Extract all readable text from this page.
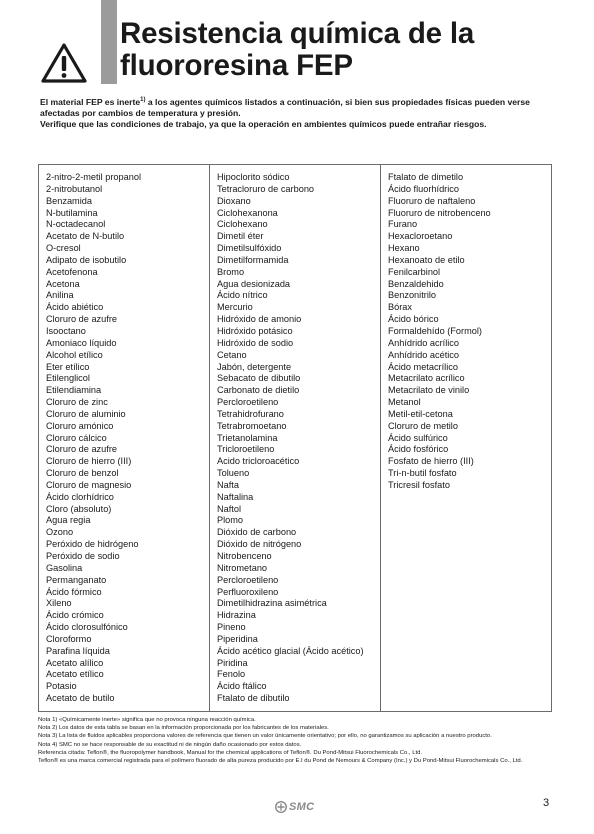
Resistencia química de la
fluororesina FEP

El material FEP es inerte$^{1)}$ a los agentes químicos listados a continuación, si bien sus propiedades físicas pueden verse afectadas por cambios de temperatura y presión.

Verifique que las condiciones de trabajo, ya que la operación en ambientes químicos puede entrañar riesgos.

2-nitro-2-metil propanol
2-nitrobutanol
Benzamida
N-butilamina
N-octadecanol
Acetato de N-butilo
O-cresol
Adipato de isobutilo
Acetofenona
Acetona
Anilina
Ácido abiético
Cloruro de azufre
Isooctano
Amoniaco líquido
Alcohol etílico
Eter etílico
Etilenglicol
Etilendiamina
Cloruro de zinc
Cloruro de aluminio
Cloruro amónico
Cloruro cálcico
Cloruro de azufre
Cloruro de hierro (III)
Cloruro de benzol
Cloruro de magnesio
Ácido clorhídrico
Cloro (absoluto)
Agua regia
Ozono
Peróxido de hidrógeno
Peróxido de sodio
Gasolina
Permanganato
Ácido fórmico
Xileno
Ácido crómico
Ácido clorosulfónico
Cloroformo
Parafina líquida
Acetato alílico
Acetato etílico
Potasio
Acetato de butilo
Hipoclorito sódico
Tetracloruro de carbono
Dioxano
Ciclohexanona
Ciclohexano
Dimetil éter
Dimetilsulfóxido
Dimetilformamida
Bromo
Agua desionizada
Ácido nítrico
Mercurio
Hidróxido de amonio
Hidróxido potásico
Hidróxido de sodio
Cetano
Jabón, detergente
Sebacato de dibutilo
Carbonato de dietilo
Percloroetileno
Tetrahidrofurano
Tetrabromoetano
Trietanolamina
Tricloroetileno
Acido tricloroacético
Tolueno
Nafta
Naftalina
Naftol
Plomo
Dióxido de carbono
Dióxido de nitrógeno
Nitrobenceno
Nitrometano
Percloroetileno
Perfluoroxileno
Dimetilhidrazina asimétrica
Hidrazina
Pineno
Piperidina
Ácido acético glacial (Ácido acético)
Piridina
Fenolo
Ácido ftálico
Ftalato de dibutilo
Ftalato de dimetilo
Ácido fluorhídrico
Fluoruro de naftaleno
Fluoruro de nitrobenceno
Furano
Hexacloroetano
Hexano
Hexanoato de etilo
Fenilcarbinol
Benzaldehido
Benzonitrilo
Bórax
Ácido bórico
Formaldehído (Formol)
Anhídrido acrílico
Anhídrido acético
Ácido metacrílico
Metacrilato acrílico
Metacrilato de vinilo
Metanol
Metil-etil-cetona
Cloruro de metilo
Ácido sulfúrico
Ácido fosfórico
Fosfato de hierro (III)
Tri-n-butil fosfato
Tricresil fosfato

Nota 1) «Químicamente inerte» significa que no provoca ninguna reacción química.

Nota 2) Los datos de esta tabla se basan en la información proporcionada por los fabricantes de los materiales.

Nota 3) La lista de fluidos aplicables proporciona valores de referencia que tienen un valor únicamente orientativo; por ello, no garantizamos su aplicación a nuestro producto.

Nota 4) SMC no se hace responsable de su exactitud ni de ningún daño ocasionado por estos datos.

Referencia citada: Teflon®, the fluoropolymer handbook, Manual for the chemical applications of Teflon®. Du Pond-Mitsui Fluorochemicals Co., Ltd.

Teflon® es una marca comercial registrada para el polímero fluorado de alta pureza producido por E.I du Pond de Nemours & Company (Inc.) y Du Pond-Mitsui Fluorochemicals Co., Ltd.

SMC	3
